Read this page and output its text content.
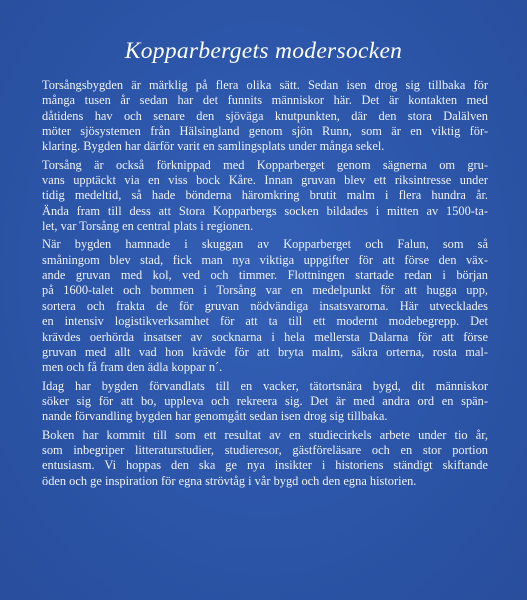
Kopparbergets modersocken

Torsångsbygden är märklig på flera olika sätt. Sedan isen drog sig tillbaka för
många tusen år sedan har det funnits människor här. Det är kontakten med
dåtidens hav och senare den sjöväga knutpunkten, där den stora Dalälven
möter sjösystemen från Hälsingland genom sjön Runn, som är en viktig för-
klaring. Bygden har därför varit en samlingsplats under många sekel.

Torsång är också förknippad med Kopparberget genom sägnerna om gru-
vans upptäckt via en viss bock Kåre. Innan gruvan blev ett riksintresse under
tidig medeltid, så hade bönderna häromkring brutit malm i flera hundra år.
Ända fram till dess att Stora Kopparbergs socken bildades i mitten av 1500-ta-
let, var Torsång en central plats i regionen.

När bygden hamnade i skuggan av Kopparberget och Falun, som så
småningom blev stad, fick man nya viktiga uppgifter för att förse den väx-
ande gruvan med kol, ved och timmer. Flottningen startade redan i början
på 1600-talet och bommen i Torsång var en medelpunkt för att hugga upp,
sortera och frakta de för gruvan nödvändiga insatsvarorna. Här utvecklades
en intensiv logistikverksamhet för att ta till ett modernt modebegrepp. Det
krävdes oerhörda insatser av socknarna i hela mellersta Dalarna för att förse
gruvan med allt vad hon krävde för att bryta malm, säkra orterna, rosta mal-
men och få fram den ädla koppar n´.

Idag har bygden förvandlats till en vacker, tätortsnära bygd, dit människor
söker sig för att bo, uppleva och rekreera sig. Det är med andra ord en spän-
nande förvandling bygden har genomgått sedan isen drog sig tillbaka.

Boken har kommit till som ett resultat av en studiecirkels arbete under tio år,
som inbegriper litteraturstudier, studieresor, gästföreläsare och en stor portion
entusiasm. Vi hoppas den ska ge nya insikter i historiens ständigt skiftande
öden och ge inspiration för egna strövtåg i vår bygd och den egna historien.
